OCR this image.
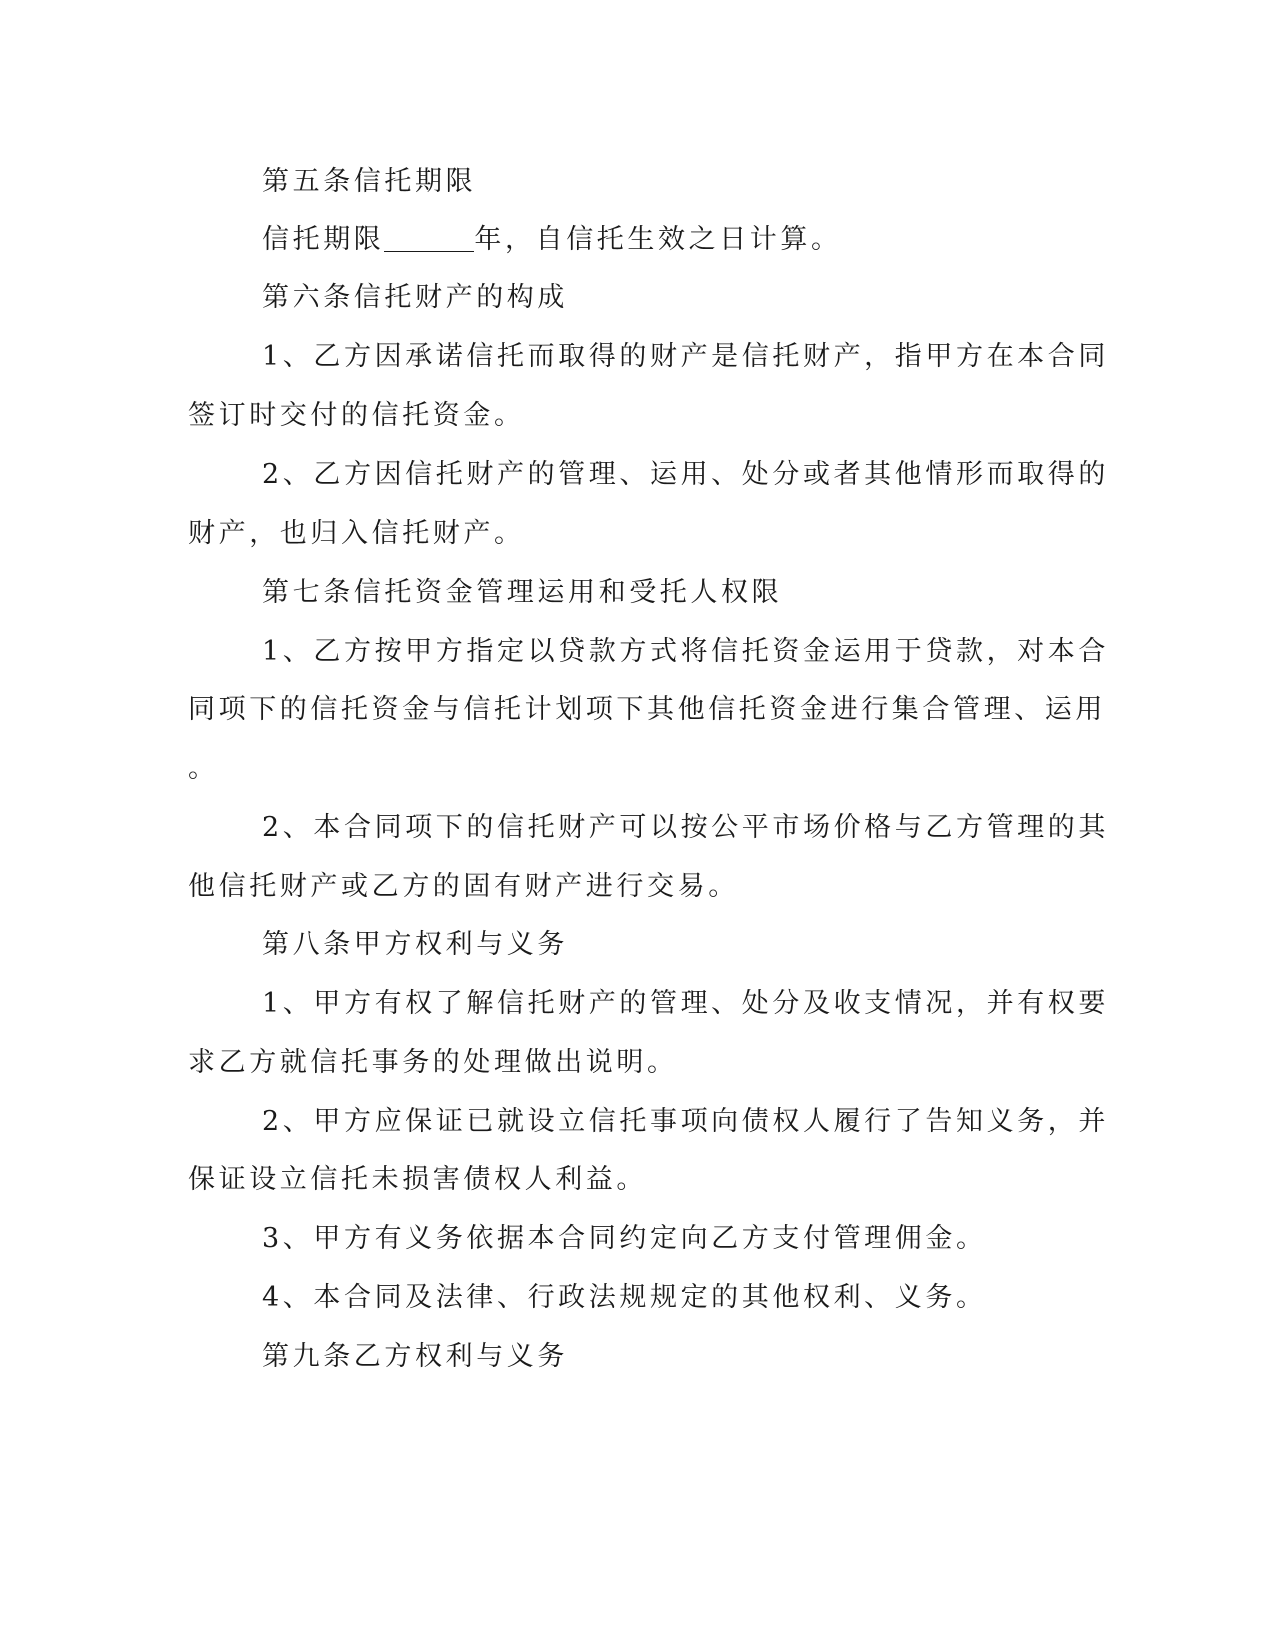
第五条信托期限
信托期限	年，自信托生效之日计算。
第六条信托财产的构成
1、乙方因承诺信托而取得的财产是信托财产，指甲方在本合同
签订时交付的信托资金。
2、乙方因信托财产的管理、运用、处分或者其他情形而取得的
财产，也归入信托财产。
第七条信托资金管理运用和受托人权限
1、乙方按甲方指定以贷款方式将信托资金运用于贷款，对本合
同项下的信托资金与信托计划项下其他信托资金进行集合管理、运用
。
2、本合同项下的信托财产可以按公平市场价格与乙方管理的其
他信托财产或乙方的固有财产进行交易。
第八条甲方权利与义务
1、甲方有权了解信托财产的管理、处分及收支情况，并有权要
求乙方就信托事务的处理做出说明。
2、甲方应保证已就设立信托事项向债权人履行了告知义务，并
保证设立信托未损害债权人利益。
3、甲方有义务依据本合同约定向乙方支付管理佣金。
4、本合同及法律、行政法规规定的其他权利、义务。
第九条乙方权利与义务
